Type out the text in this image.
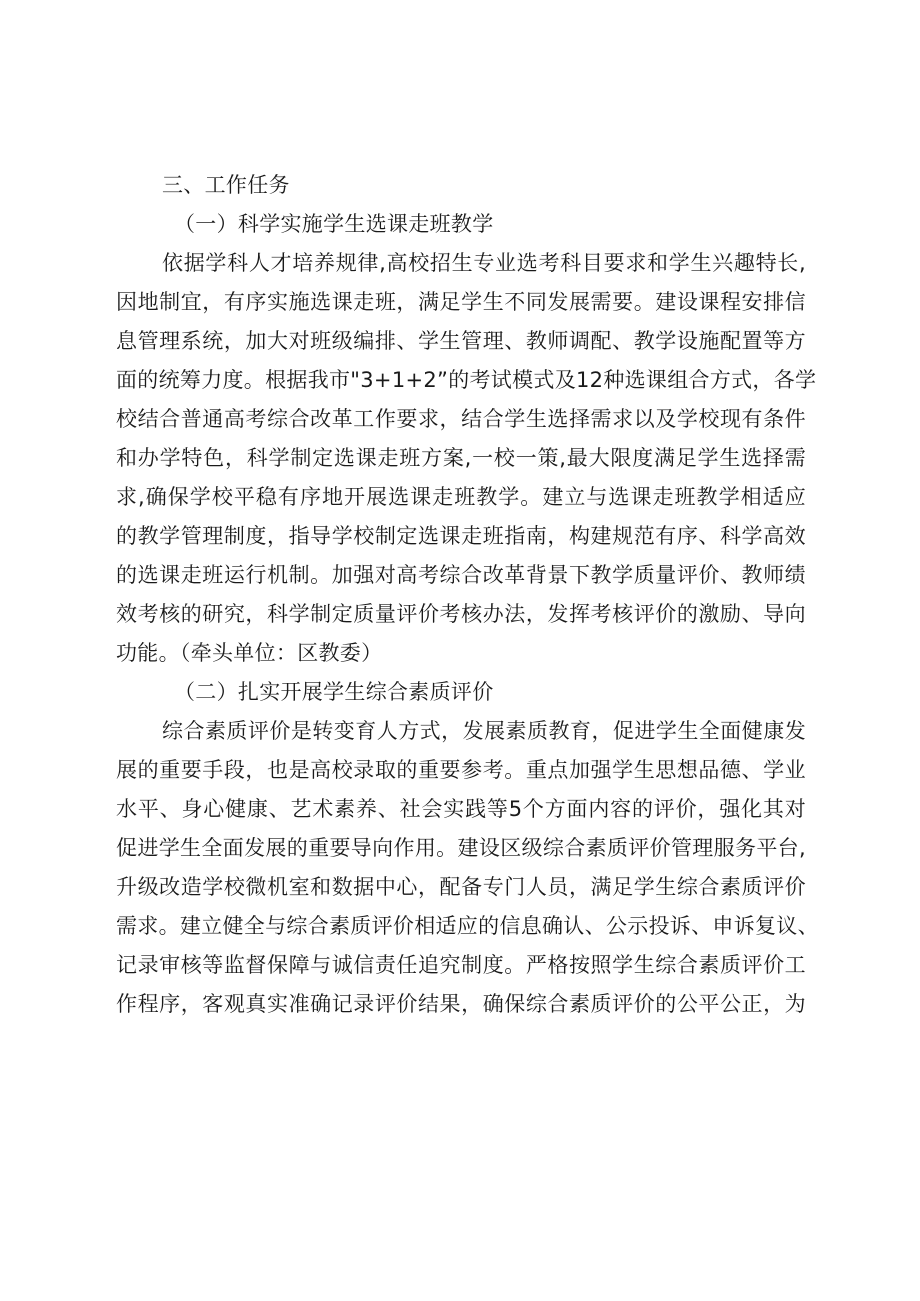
三、工作任务
（一）科学实施学生选课走班教学
依据学科人才培养规律,高校招生专业选考科目要求和学生兴趣特长,
因地制宜，有序实施选课走班，满足学生不同发展需要。建设课程安排信
息管理系统，加大对班级编排、学生管理、教师调配、教学设施配置等方
面的统筹力度。根据我市"3+1+2”的考试模式及12种选课组合方式，各学
校结合普通高考综合改革工作要求，结合学生选择需求以及学校现有条件
和办学特色，科学制定选课走班方案,一校一策,最大限度满足学生选择需
求,确保学校平稳有序地开展选课走班教学。建立与选课走班教学相适应
的教学管理制度，指导学校制定选课走班指南，构建规范有序、科学高效
的选课走班运行机制。加强对高考综合改革背景下教学质量评价、教师绩
效考核的研究，科学制定质量评价考核办法，发挥考核评价的激励、导向
功能。（牵头单位：区教委）
（二）扎实开展学生综合素质评价
综合素质评价是转变育人方式，发展素质教育，促进学生全面健康发
展的重要手段，也是高校录取的重要参考。重点加强学生思想品德、学业
水平、身心健康、艺术素养、社会实践等5个方面内容的评价，强化其对
促进学生全面发展的重要导向作用。建设区级综合素质评价管理服务平台,
升级改造学校微机室和数据中心，配备专门人员，满足学生综合素质评价
需求。建立健全与综合素质评价相适应的信息确认、公示投诉、申诉复议、
记录审核等监督保障与诚信责任追究制度。严格按照学生综合素质评价工
作程序，客观真实准确记录评价结果，确保综合素质评价的公平公正，为
